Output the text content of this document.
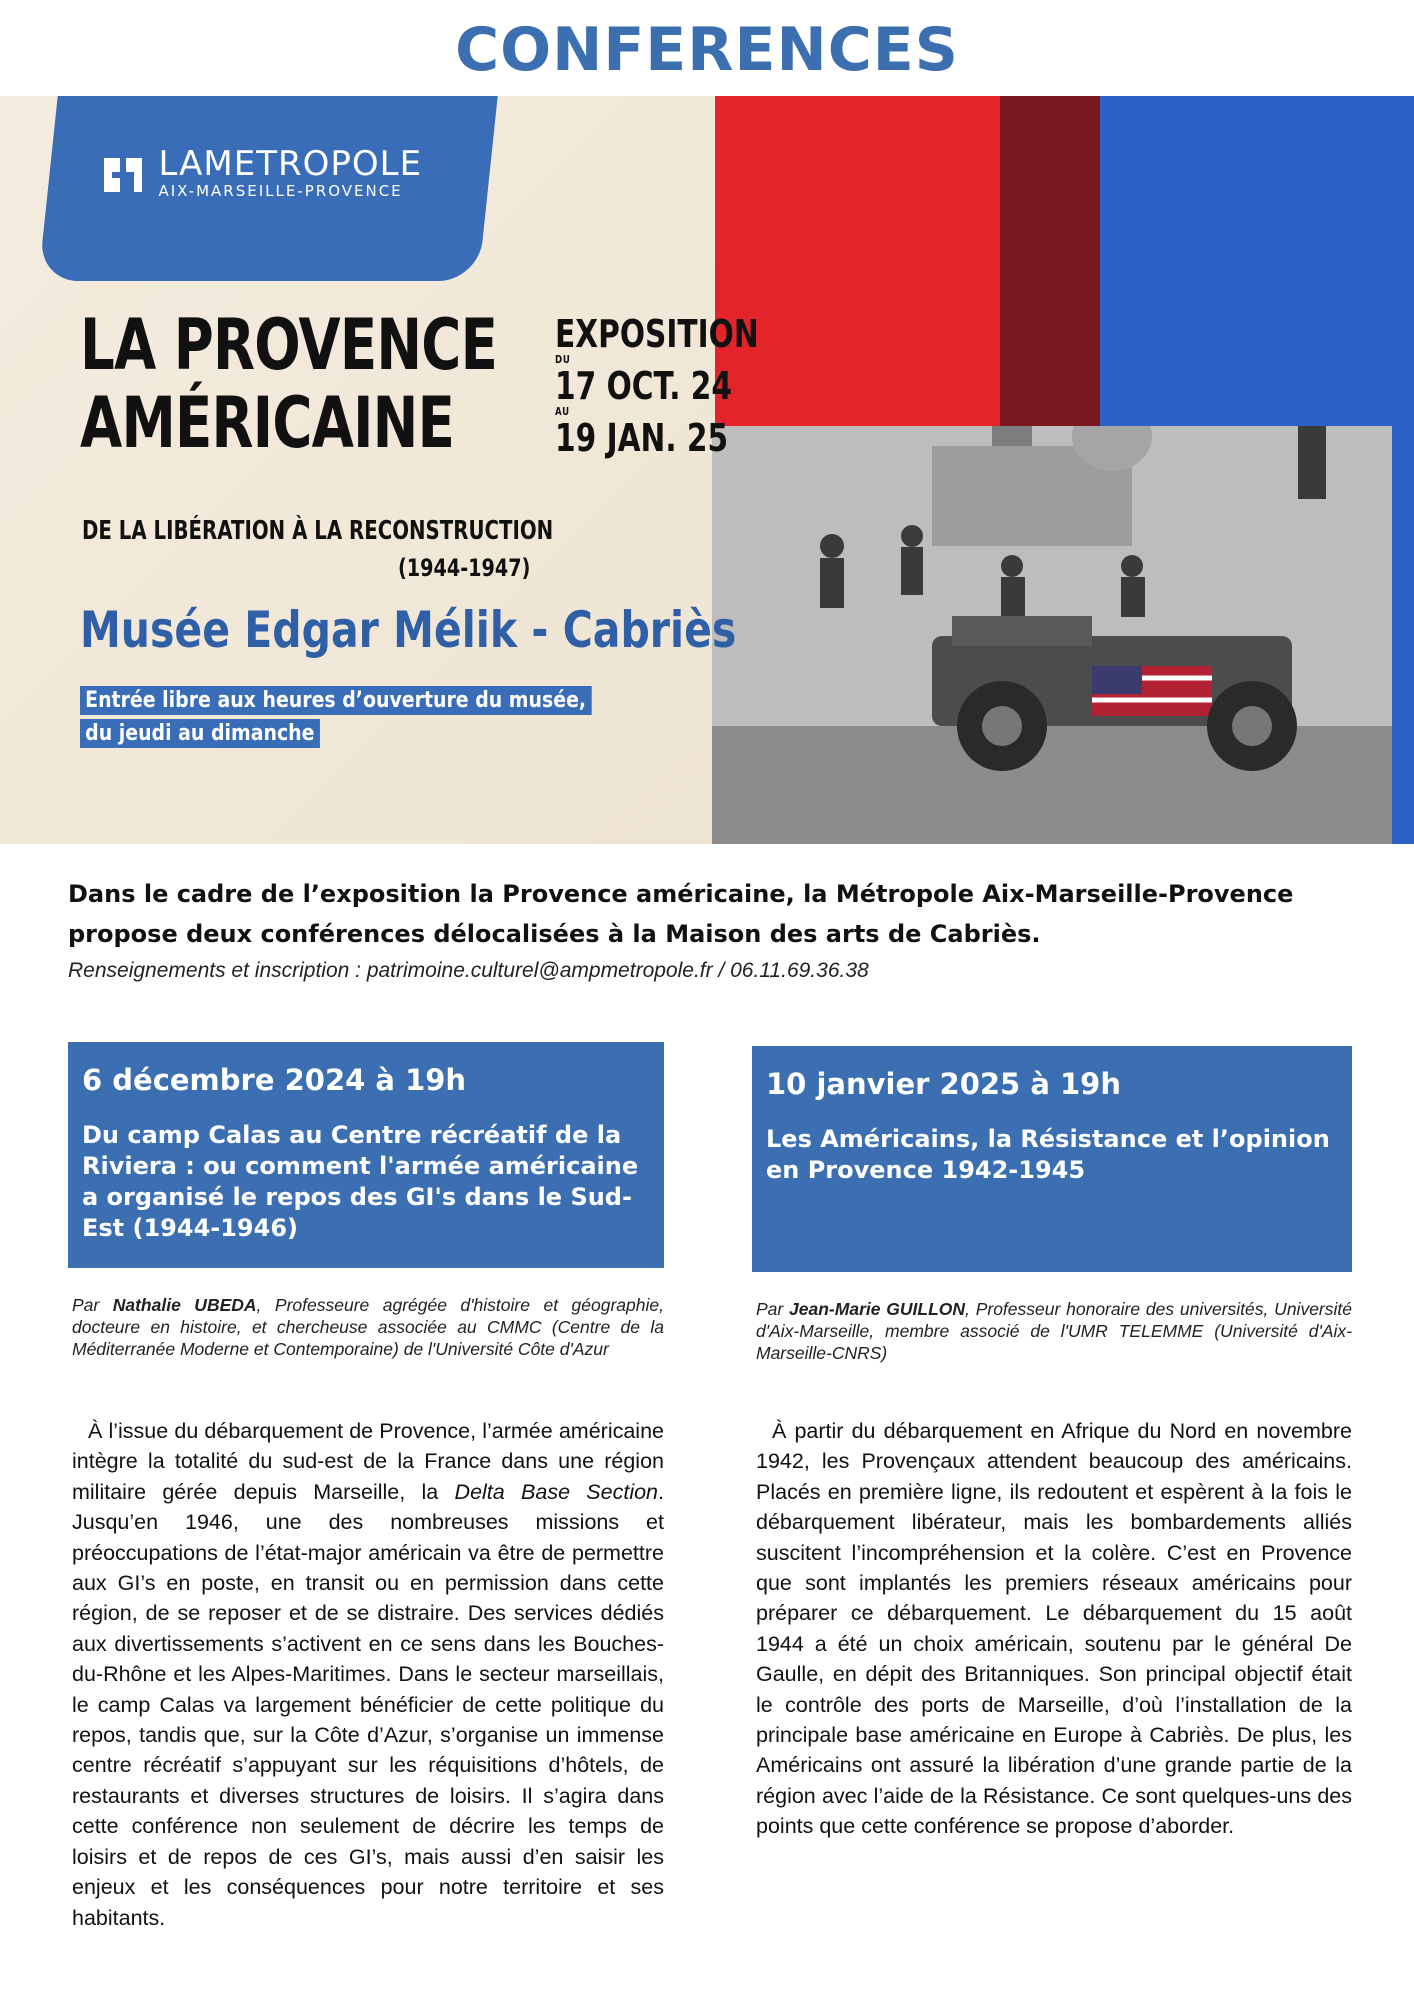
CONFERENCES

LAMETROPOLE
AIX-MARSEILLE-PROVENCE
LA PROVENCE
AMÉRICAINE
DE LA LIBÉRATION À LA RECONSTRUCTION
(1944-1947)
EXPOSITION
DU
17 OCT. 24
AU
19 JAN. 25
Musée Edgar Mélik - Cabriès
Entrée libre aux heures d’ouverture du musée,
du jeudi au dimanche
Dans le cadre de l’exposition la Provence américaine, la Métropole Aix-Marseille-Provence propose deux conférences délocalisées à la Maison des arts de Cabriès.
Renseignements et inscription : patrimoine.culturel@ampmetropole.fr / 06.11.69.36.38
6 décembre 2024 à 19h
Du camp Calas au Centre récréatif de la Riviera : ou comment l'armée américaine a organisé le repos des GI's dans le Sud-Est (1944-1946)
Par Nathalie UBEDA, Professeure agrégée d'histoire et géographie, docteure en histoire, et chercheuse associée au CMMC (Centre de la Méditerranée Moderne et Contemporaine) de l'Université Côte d'Azur
À l’issue du débarquement de Provence, l’armée américaine intègre la totalité du sud-est de la France dans une région militaire gérée depuis Marseille, la Delta Base Section. Jusqu’en 1946, une des nombreuses missions et préoccupations de l’état-major américain va être de permettre aux GI’s en poste, en transit ou en permission dans cette région, de se reposer et de se distraire. Des services dédiés aux divertissements s’activent en ce sens dans les Bouches-du-Rhône et les Alpes-Maritimes. Dans le secteur marseillais, le camp Calas va largement bénéficier de cette politique du repos, tandis que, sur la Côte d’Azur, s’organise un immense centre récréatif s’appuyant sur les réquisitions d’hôtels, de restaurants et diverses structures de loisirs. Il s’agira dans cette conférence non seulement de décrire les temps de loisirs et de repos de ces GI’s, mais aussi d’en saisir les enjeux et les conséquences pour notre territoire et ses habitants.
10 janvier 2025 à 19h
Les Américains, la Résistance et l’opinion en Provence 1942-1945
Par Jean-Marie GUILLON, Professeur honoraire des universités, Université d'Aix-Marseille, membre associé de l'UMR TELEMME (Université d'Aix-Marseille-CNRS)
À partir du débarquement en Afrique du Nord en novembre 1942, les Provençaux attendent beaucoup des américains. Placés en première ligne, ils redoutent et espèrent à la fois le débarquement libérateur, mais les bombardements alliés suscitent l’incompréhension et la colère. C’est en Provence que sont implantés les premiers réseaux américains pour préparer ce débarquement. Le débarquement du 15 août 1944 a été un choix américain, soutenu par le général De Gaulle, en dépit des Britanniques. Son principal objectif était le contrôle des ports de Marseille, d’où l’installation de la principale base américaine en Europe à Cabriès. De plus, les Américains ont assuré la libération d’une grande partie de la région avec l’aide de la Résistance. Ce sont quelques-uns des points que cette conférence se propose d’aborder.
